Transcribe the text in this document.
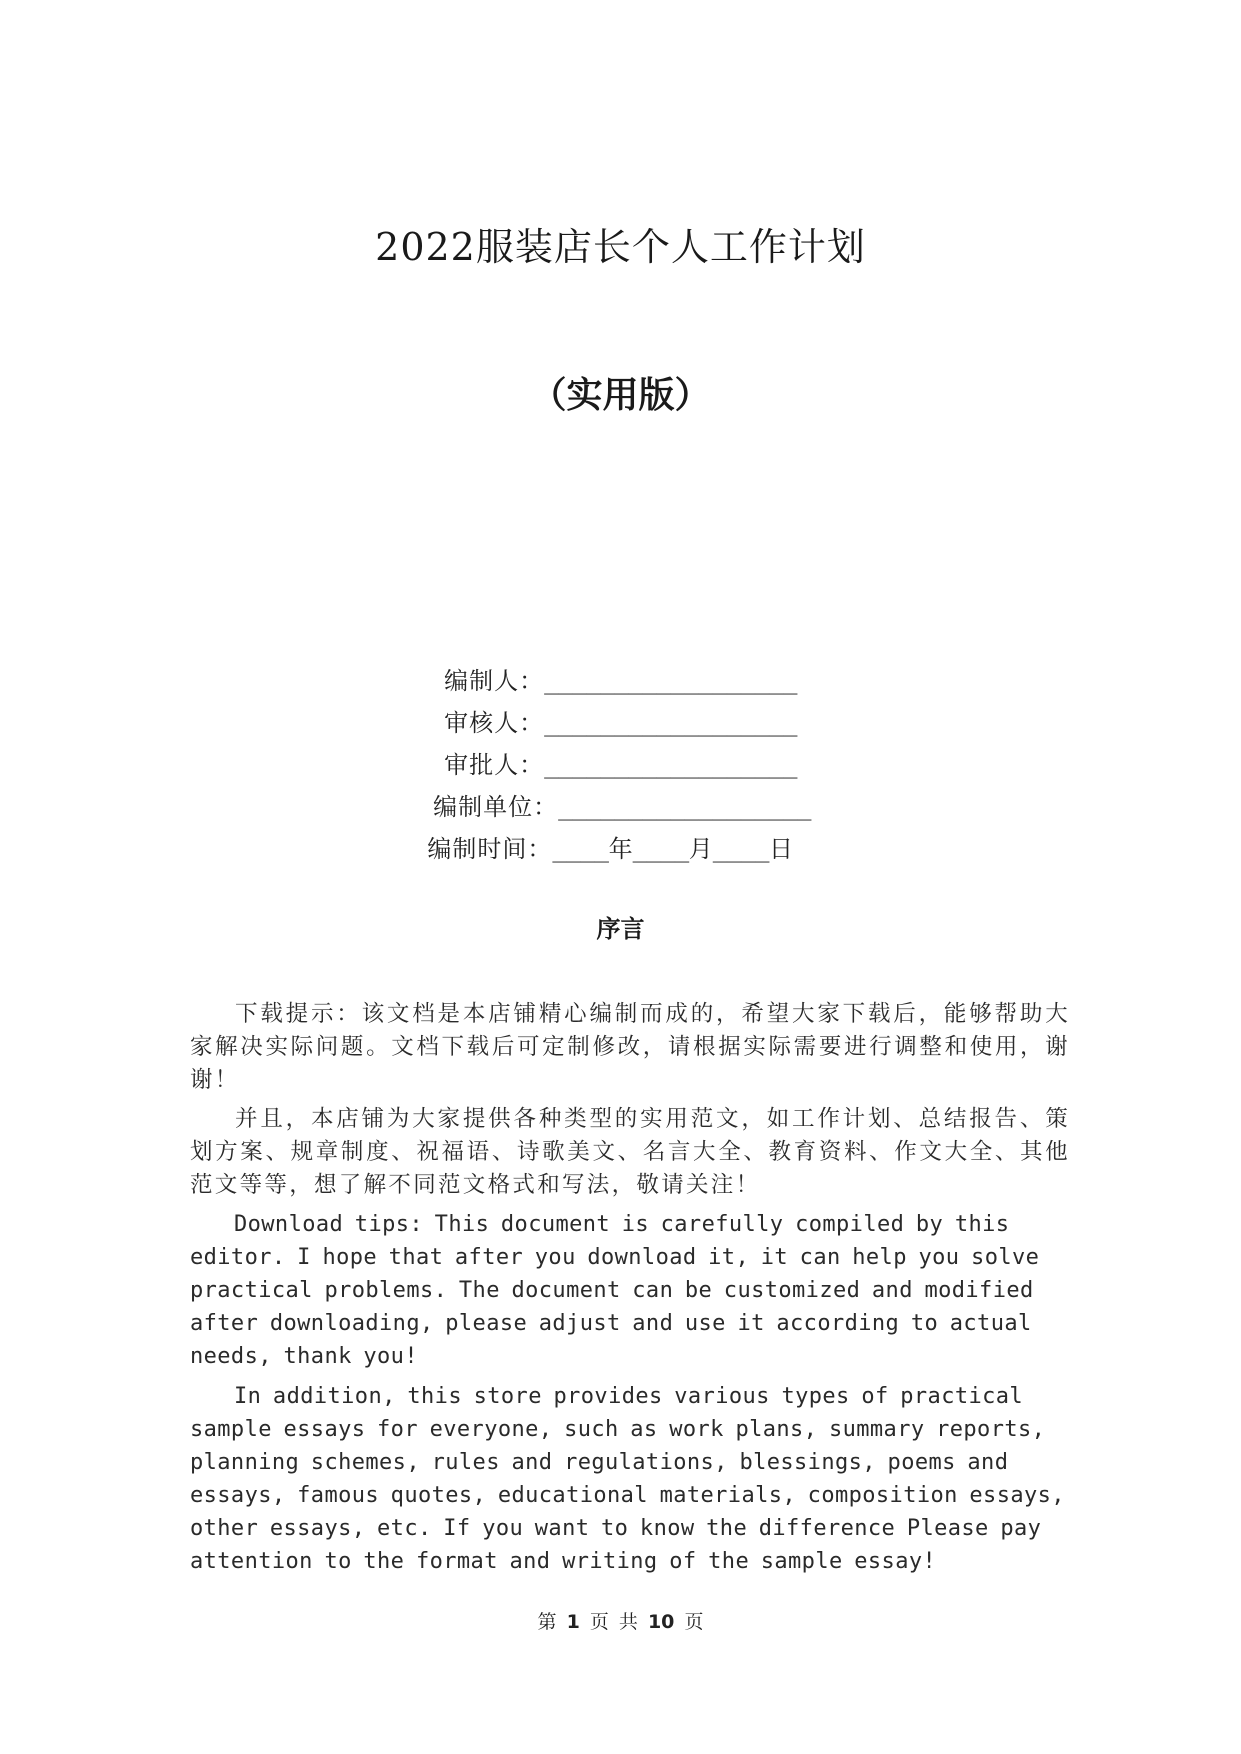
2022服装店长个人工作计划
（实用版）
编制人：__________________
审核人：__________________
审批人：__________________
编制单位：__________________
编制时间：____年____月____日
序言

下载提示：该文档是本店铺精心编制而成的，希望大家下载后，能够帮助大家解决实际问题。文档下载后可定制修改，请根据实际需要进行调整和使用，谢谢！

并且，本店铺为大家提供各种类型的实用范文，如工作计划、总结报告、策划方案、规章制度、祝福语、诗歌美文、名言大全、教育资料、作文大全、其他范文等等，想了解不同范文格式和写法，敬请关注！

Download tips: This document is carefully compiled by this editor. I hope that after you download it, it can help you solve practical problems. The document can be customized and modified after downloading, please adjust and use it according to actual needs, thank you!

In addition, this store provides various types of practical sample essays for everyone, such as work plans, summary reports, planning schemes, rules and regulations, blessings, poems and essays, famous quotes, educational materials, composition essays, other essays, etc. If you want to know the difference Please pay attention to the format and writing of the sample essay!

第 1 页 共 10 页
